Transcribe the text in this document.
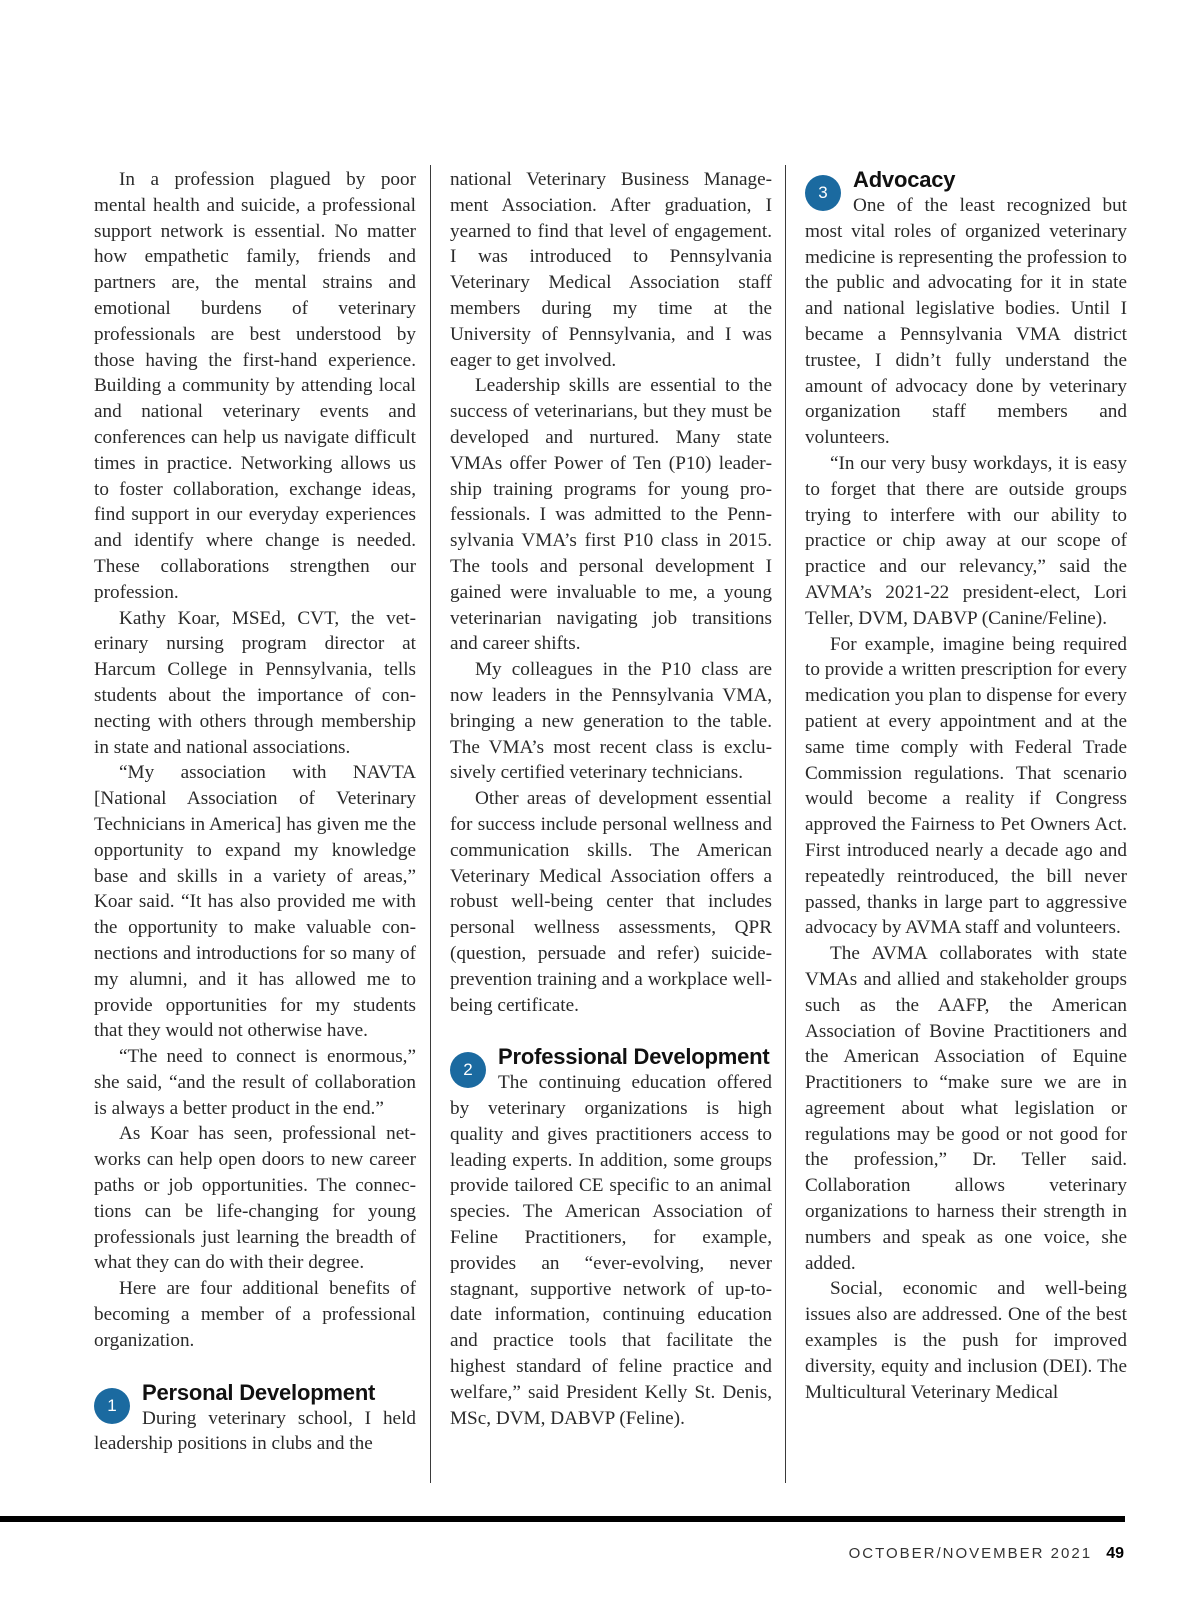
In a profession plagued by poor mental health and suicide, a professional support network is essential. No matter how empathetic family, friends and partners are, the mental strains and emotional burdens of veterinary professionals are best understood by those having the first-hand experience. Building a community by attending local and national veterinary events and conferences can help us navigate difficult times in practice. Networking allows us to foster collaboration, exchange ideas, find support in our everyday experiences and identify where change is needed. These collaborations strengthen our profession.

Kathy Koar, MSEd, CVT, the veterinary nursing program director at Harcum College in Pennsylvania, tells students about the importance of connecting with others through membership in state and national associations.

“My association with NAVTA [National Association of Veterinary Technicians in America] has given me the opportunity to expand my knowledge base and skills in a variety of areas,” Koar said. “It has also provided me with the opportunity to make valuable connections and introductions for so many of my alumni, and it has allowed me to provide opportunities for my students that they would not otherwise have.

“The need to connect is enormous,” she said, “and the result of collaboration is always a better product in the end.”

As Koar has seen, professional networks can help open doors to new career paths or job opportunities. The connections can be life-changing for young professionals just learning the breadth of what they can do with their degree.

Here are four additional benefits of becoming a member of a professional organization.

1
Personal Development

During veterinary school, I held leadership positions in clubs and the

national Veterinary Business Management Association. After graduation, I yearned to find that level of engagement. I was introduced to Pennsylvania Veterinary Medical Association staff members during my time at the University of Pennsylvania, and I was eager to get involved.

Leadership skills are essential to the success of veterinarians, but they must be developed and nurtured. Many state VMAs offer Power of Ten (P10) leadership training programs for young professionals. I was admitted to the Pennsylvania VMA’s first P10 class in 2015. The tools and personal development I gained were invaluable to me, a young veterinarian navigating job transitions and career shifts.

My colleagues in the P10 class are now leaders in the Pennsylvania VMA, bringing a new generation to the table. The VMA’s most recent class is exclusively certified veterinary technicians.

Other areas of development essential for success include personal wellness and communication skills. The American Veterinary Medical Association offers a robust well-being center that includes personal wellness assessments, QPR (question, persuade and refer) suicide-prevention training and a workplace well-being certificate.

2
Professional Development

The continuing education offered by veterinary organizations is high quality and gives practitioners access to leading experts. In addition, some groups provide tailored CE specific to an animal species. The American Association of Feline Practitioners, for example, provides an “ever-evolving, never stagnant, supportive network of up-to-date information, continuing education and practice tools that facilitate the highest standard of feline practice and welfare,” said President Kelly St. Denis, MSc, DVM, DABVP (Feline).

3
Advocacy

One of the least recognized but most vital roles of organized veterinary medicine is representing the profession to the public and advocating for it in state and national legislative bodies. Until I became a Pennsylvania VMA district trustee, I didn’t fully understand the amount of advocacy done by veterinary organization staff members and volunteers.

“In our very busy workdays, it is easy to forget that there are outside groups trying to interfere with our ability to practice or chip away at our scope of practice and our relevancy,” said the AVMA’s 2021-22 president-elect, Lori Teller, DVM, DABVP (Canine/Feline).

For example, imagine being required to provide a written prescription for every medication you plan to dispense for every patient at every appointment and at the same time comply with Federal Trade Commission regulations. That scenario would become a reality if Congress approved the Fairness to Pet Owners Act. First introduced nearly a decade ago and repeatedly reintroduced, the bill never passed, thanks in large part to aggressive advocacy by AVMA staff and volunteers.

The AVMA collaborates with state VMAs and allied and stakeholder groups such as the AAFP, the American Association of Bovine Practitioners and the American Association of Equine Practitioners to “make sure we are in agreement about what legislation or regulations may be good or not good for the profession,” Dr. Teller said. Collaboration allows veterinary organizations to harness their strength in numbers and speak as one voice, she added.

Social, economic and well-being issues also are addressed. One of the best examples is the push for improved diversity, equity and inclusion (DEI). The Multicultural Veterinary Medical

OCTOBER/NOVEMBER 2021 49
